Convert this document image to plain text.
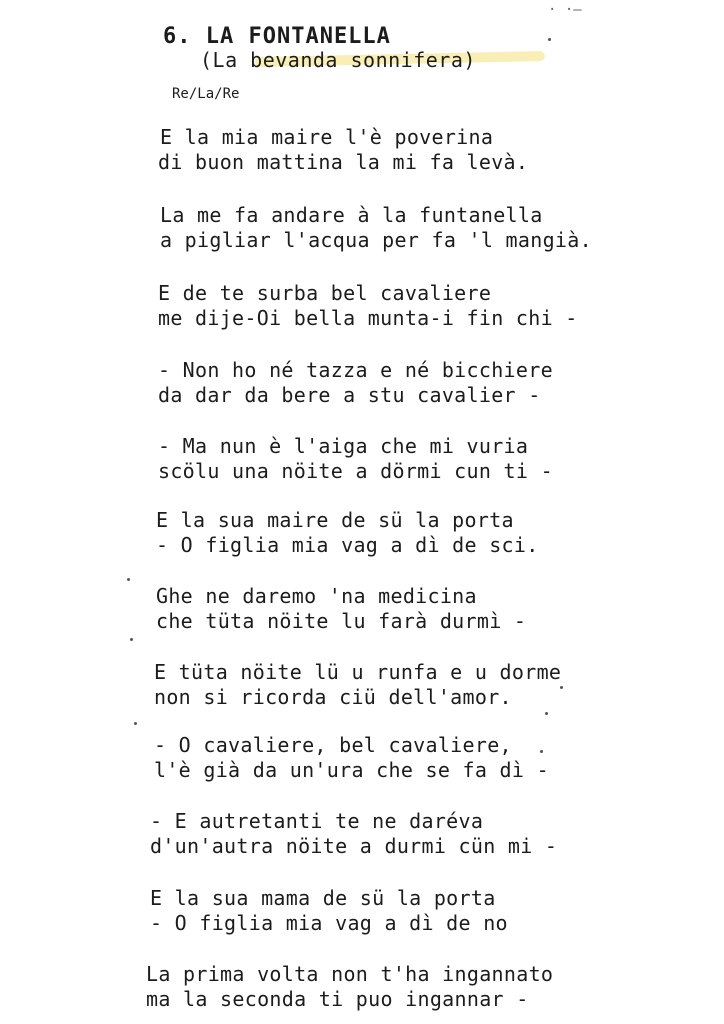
· ·—
6. LA FONTANELLA
(La bevanda sonnifera)
Re/La/Re
E la mia maire l'è poverina
di buon mattina la mi fa levà.
La me fa andare à la funtanella
a pigliar l'acqua per fa 'l mangià.
E de te surba bel cavaliere
me dije-Oi bella munta-i fin chi -
- Non ho né tazza e né bicchiere
da dar da bere a stu cavalier -
- Ma nun è l'aiga che mi vuria
scölu una nöite a dörmi cun ti -
E la sua maire de sü la porta
- O figlia mia vag a dì de sci.
Ghe ne daremo 'na medicina
che tüta nöite lu farà durmì -
E tüta nöite lü u runfa e u dorme
non si ricorda ciü dell'amor.
- O cavaliere, bel cavaliere,
l'è già da un'ura che se fa dì -
- E autretanti te ne daréva
d'un'autra nöite a durmi cün mi -
E la sua mama de sü la porta
- O figlia mia vag a dì de no
La prima volta non t'ha ingannato
ma la seconda ti puo ingannar -
